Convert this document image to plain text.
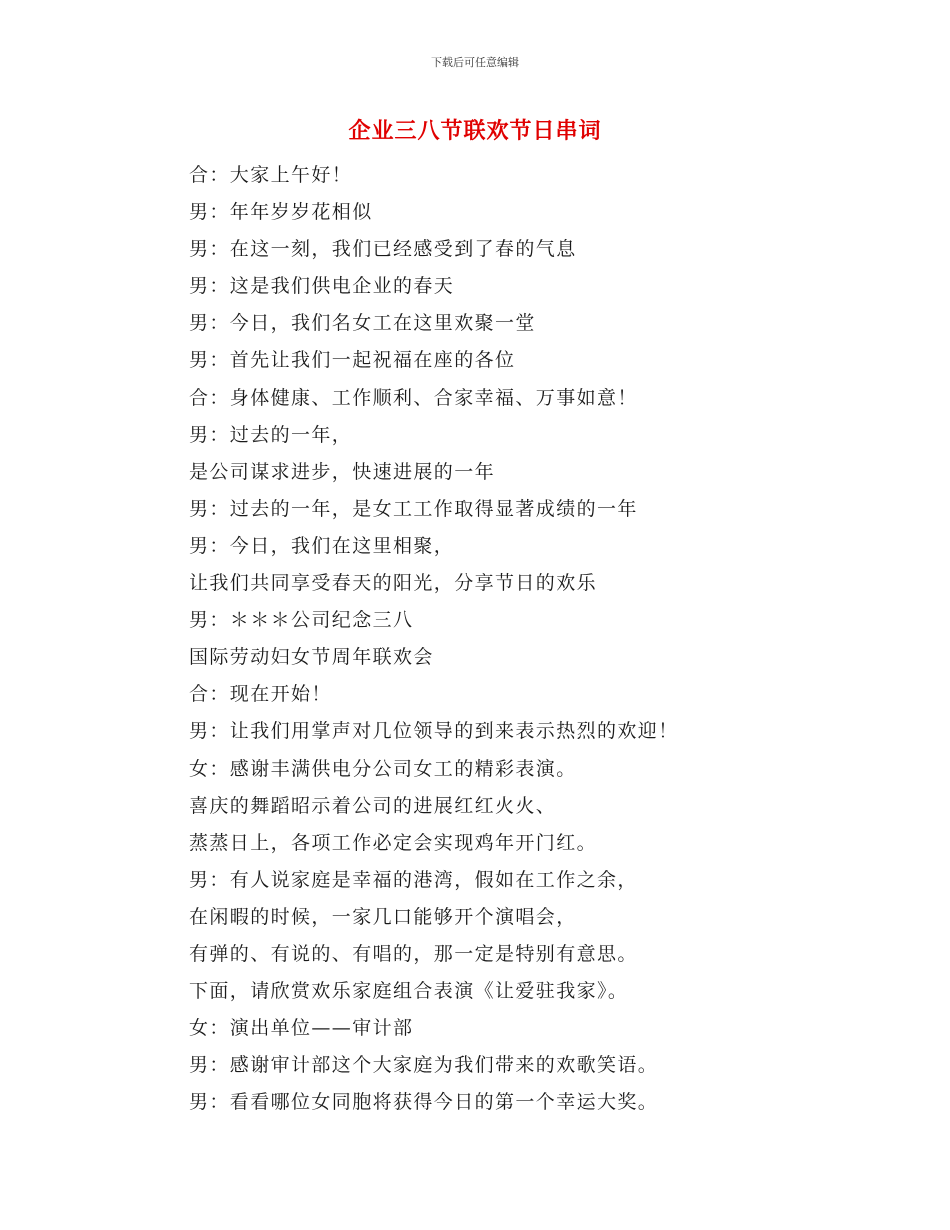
下载后可任意编辑
企业三八节联欢节日串词
合：大家上午好！
男：年年岁岁花相似
男：在这一刻，我们已经感受到了春的气息
男：这是我们供电企业的春天
男：今日，我们名女工在这里欢聚一堂
男：首先让我们一起祝福在座的各位
合：身体健康、工作顺利、合家幸福、万事如意！
男：过去的一年，
是公司谋求进步，快速进展的一年
男：过去的一年，是女工工作取得显著成绩的一年
男：今日，我们在这里相聚，
让我们共同享受春天的阳光，分享节日的欢乐
男：＊＊＊公司纪念三八
国际劳动妇女节周年联欢会
合：现在开始！
男：让我们用掌声对几位领导的到来表示热烈的欢迎！
女：感谢丰满供电分公司女工的精彩表演。
喜庆的舞蹈昭示着公司的进展红红火火、
蒸蒸日上，各项工作必定会实现鸡年开门红。
男：有人说家庭是幸福的港湾，假如在工作之余，
在闲暇的时候，一家几口能够开个演唱会，
有弹的、有说的、有唱的，那一定是特别有意思。
下面，请欣赏欢乐家庭组合表演《让爱驻我家》。
女：演出单位——审计部
男：感谢审计部这个大家庭为我们带来的欢歌笑语。
男：看看哪位女同胞将获得今日的第一个幸运大奖。
